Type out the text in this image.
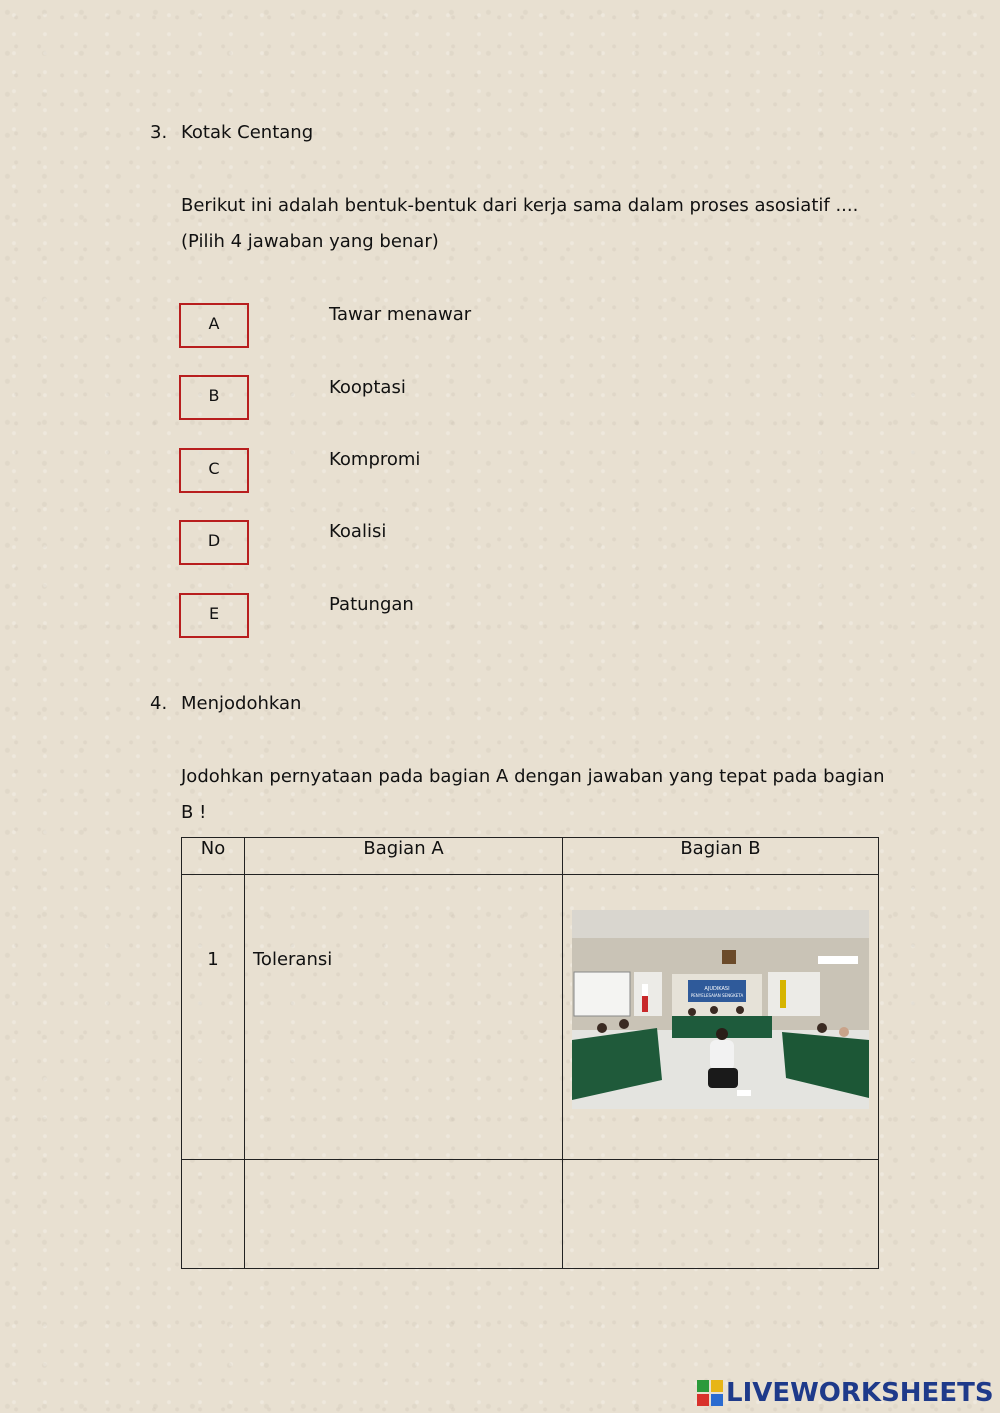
3. Kotak Centang
Berikut ini adalah bentuk-bentuk dari kerja sama dalam proses asosiatif ....
(Pilih 4 jawaban yang benar)
A	Tawar menawar
B	Kooptasi
C	Kompromi
D	Koalisi
E	Patungan
4. Menjodohkan
Jodohkan pernyataan pada bagian A dengan jawaban yang tepat pada bagian
B !
No	Bagian A	Bagian B
1	Toleransi	

AJUDIKASI
PENYELESAIAN SENGKETA
LIVEWORKSHEETS
